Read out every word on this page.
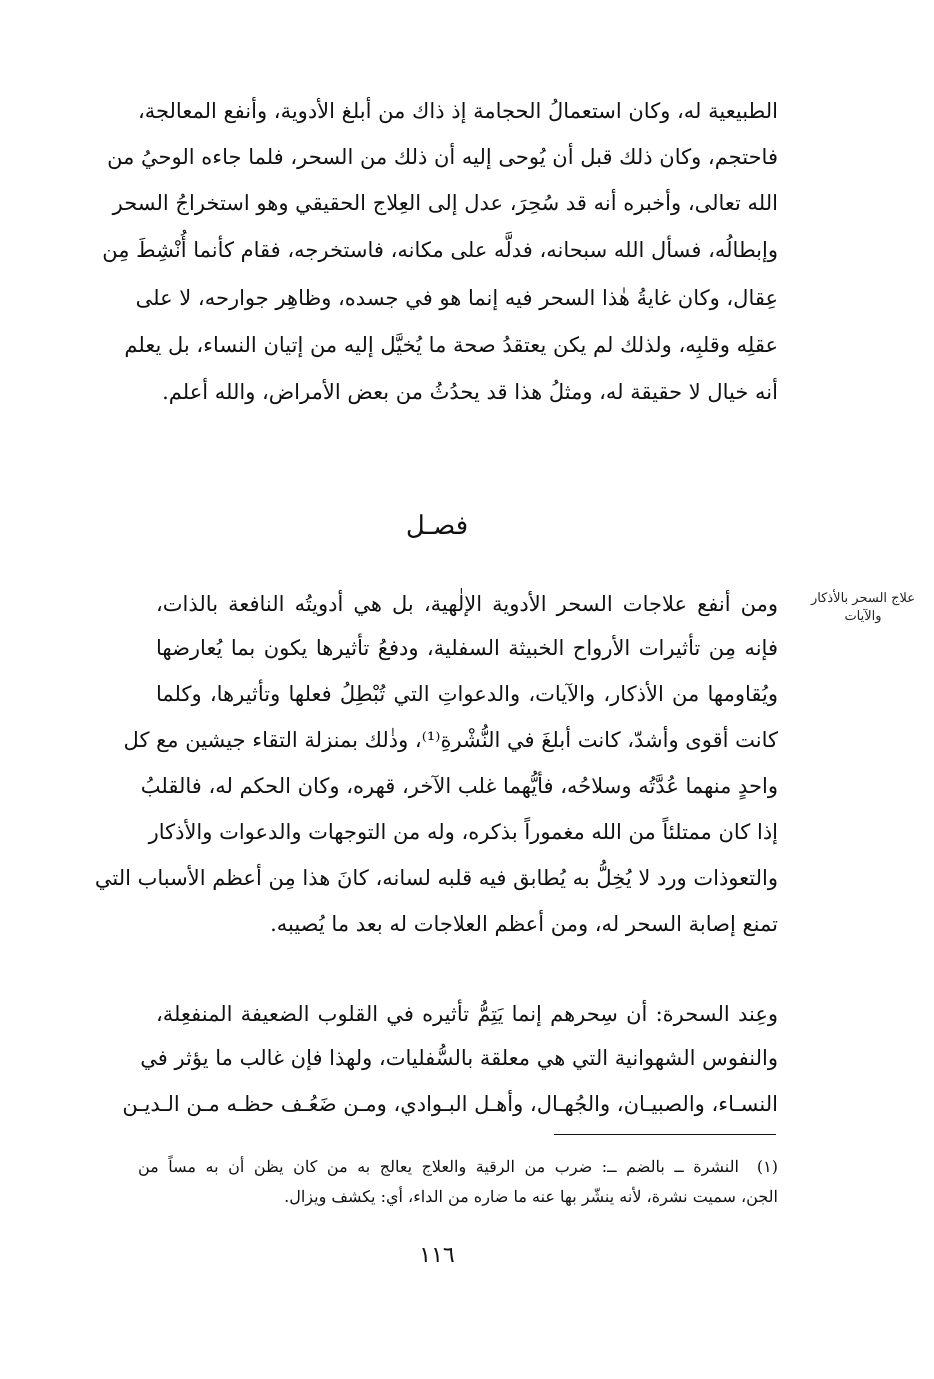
الطبيعية له، وكان استعمالُ الحجامة إذ ذاك من أبلغ الأدوية، وأنفع المعالجة،
فاحتجم، وكان ذلك قبل أن يُوحى إليه أن ذلك من السحر، فلما جاءه الوحيُ من
الله تعالى، وأخبره أنه قد سُحِرَ، عدل إلى العِلاج الحقيقي وهو استخراجُ السحر
وإبطالُه، فسأل الله سبحانه، فدلَّه على مكانه، فاستخرجه، فقام كأنما أُنْشِطَ مِن
عِقال، وكان غايةُ هٰذا السحر فيه إنما هو في جسده، وظاهِر جوارحه، لا على
عقلِه وقلبِه، ولذلك لم يكن يعتقدُ صحة ما يُخيَّل إليه من إتيان النساء، بل يعلم
أنه خيال لا حقيقة له، ومثلُ هذا قد يحدُثُ من بعض الأمراض، والله أعلم.
فصـل
علاج السحر بالأذكار والآيات
ومن أنفع علاجات السحر الأدوية الإلٰهية، بل هي أدويتُه النافعة بالذات،
فإنه مِن تأثيرات الأرواح الخبيثة السفلية، ودفعُ تأثيرها يكون بما يُعارضها
ويُقاومها من الأذكار، والآيات، والدعواتِ التي تُبْطِلُ فعلها وتأثيرها، وكلما
كانت أقوى وأشدّ، كانت أبلغَ في النُّشْرةِ⁽¹⁾، وذٰلك بمنزلة التقاء جيشين مع كل
واحدٍ منهما عُدَّتُه وسلاحُه، فأيُّهما غلب الآخر، قهره، وكان الحكم له، فالقلبُ
إذا كان ممتلئاً من الله مغموراً بذكره، وله من التوجهات والدعوات والأذكار
والتعوذات ورد لا يُخِلُّ به يُطابق فيه قلبه لسانه، كانَ هذا مِن أعظم الأسباب التي
تمنع إصابة السحر له، ومن أعظم العلاجات له بعد ما يُصيبه.
وعِند السحرة: أن سِحرهم إنما يَتِمُّ تأثيره في القلوب الضعيفة المنفعِلة،
والنفوس الشهوانية التي هي معلقة بالسُّفليات، ولهذا فإن غالب ما يؤثر في
النسـاء، والصبيـان، والجُهـال، وأهـل البـوادي، ومـن ضَعُـف حظـه مـن الـديـن
(١)النشرة ــ بالضم ــ: ضرب من الرقية والعلاج يعالج به من كان يظن أن به مساً من
الجن، سميت نشرة، لأنه ينشّر بها عنه ما ضاره من الداء، أي: يكشف ويزال.
١١٦
